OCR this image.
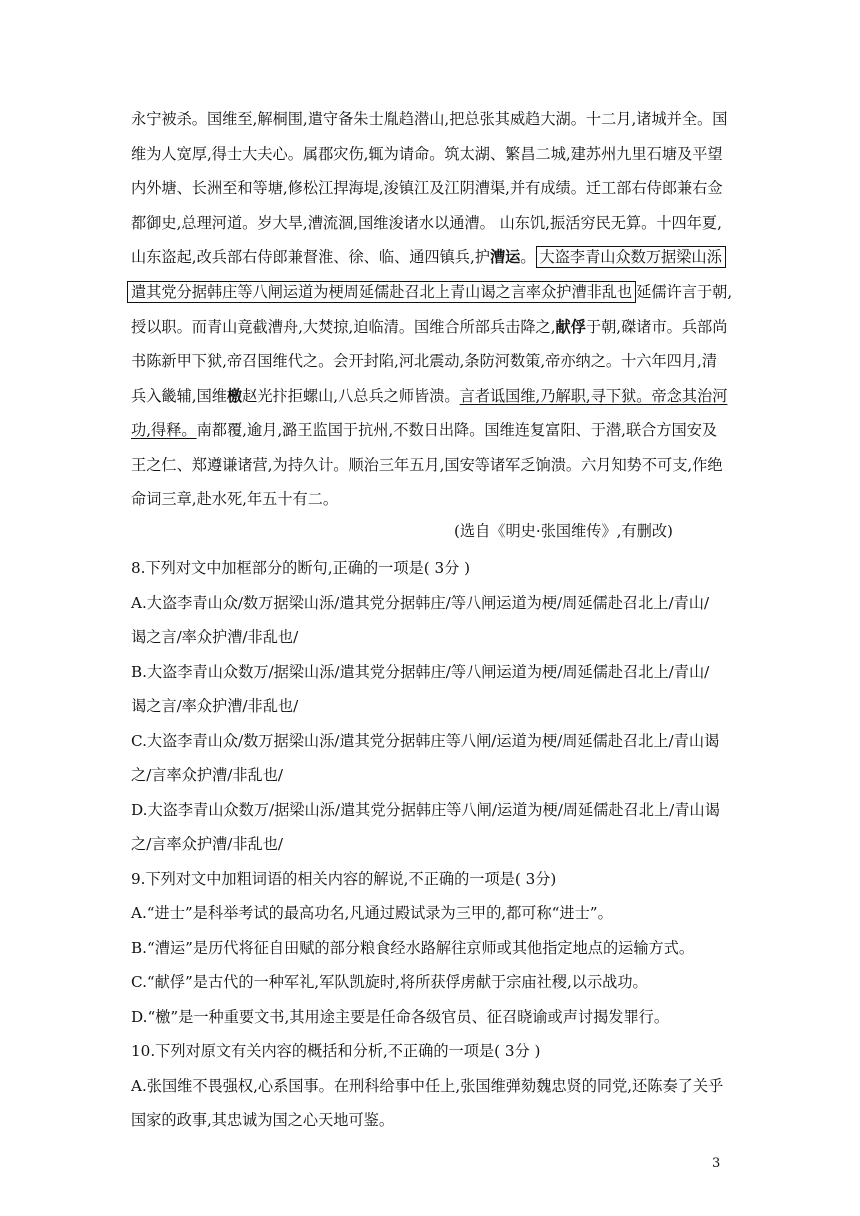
永宁被杀。国维至,解桐围,遣守备朱士胤趋潜山,把总张其威趋大湖。十二月,诸城并全。国
维为人宽厚,得士大夫心。属郡灾伤,辄为请命。筑太湖、繁昌二城,建苏州九里石塘及平望
内外塘、长洲至和等塘,修松江捍海堤,浚镇江及江阴漕渠,并有成绩。迁工部右侍郎兼右佥
都御史,总理河道。岁大旱,漕流涸,国维浚诸水以通漕。 山东饥,振活穷民无算。十四年夏,
山东盗起,改兵部右侍郎兼督淮、徐、临、通四镇兵,护漕运。 大盗李青山众数万据梁山泺
遣其党分据韩庄等八闸运道为梗周延儒赴召北上青山谒之言率众护漕非乱也 延儒许言于朝,
授以职。而青山竟截漕舟,大焚掠,迫临清。国维合所部兵击降之,献俘于朝,磔诸市。兵部尚
书陈新甲下狱,帝召国维代之。会开封陷,河北震动,条防河数策,帝亦纳之。十六年四月,清
兵入畿辅,国维檄赵光抃拒螺山,八总兵之师皆溃。言者诋国维,乃解职,寻下狱。帝念其治河
功,得释。南都覆,逾月,潞王监国于抗州,不数日出降。国维连复富阳、于潜,联合方国安及
王之仁、郑遵谦诸营,为持久计。顺治三年五月,国安等诸军乏饷溃。六月知势不可支,作绝
命词三章,赴水死,年五十有二。
(选自《明史·张国维传》,有删改)
8.下列对文中加框部分的断句,正确的一项是( 3分 )
A.大盗李青山众/数万据梁山泺/遣其党分据韩庄/等八闸运道为梗/周延儒赴召北上/青山/
谒之言/率众护漕/非乱也/
B.大盗李青山众数万/据梁山泺/遣其党分据韩庄/等八闸运道为梗/周延儒赴召北上/青山/
谒之言/率众护漕/非乱也/
C.大盗李青山众/数万据梁山泺/遣其党分据韩庄等八闸/运道为梗/周延儒赴召北上/青山谒
之/言率众护漕/非乱也/
D.大盗李青山众数万/据梁山泺/遣其党分据韩庄等八闸/运道为梗/周延儒赴召北上/青山谒
之/言率众护漕/非乱也/
9.下列对文中加粗词语的相关内容的解说,不正确的一项是( 3分)
A.“进士”是科举考试的最高功名,凡通过殿试录为三甲的,都可称“进士”。
B.“漕运”是历代将征自田赋的部分粮食经水路解往京师或其他指定地点的运输方式。
C.“献俘”是古代的一种军礼,军队凯旋时,将所获俘虏献于宗庙社稷,以示战功。
D.“檄”是一种重要文书,其用途主要是任命各级官员、征召晓谕或声讨揭发罪行。
10.下列对原文有关内容的概括和分析,不正确的一项是( 3分 )
A.张国维不畏强权,心系国事。在刑科给事中任上,张国维弹劾魏忠贤的同党,还陈奏了关乎
国家的政事,其忠诚为国之心天地可鉴。
3
